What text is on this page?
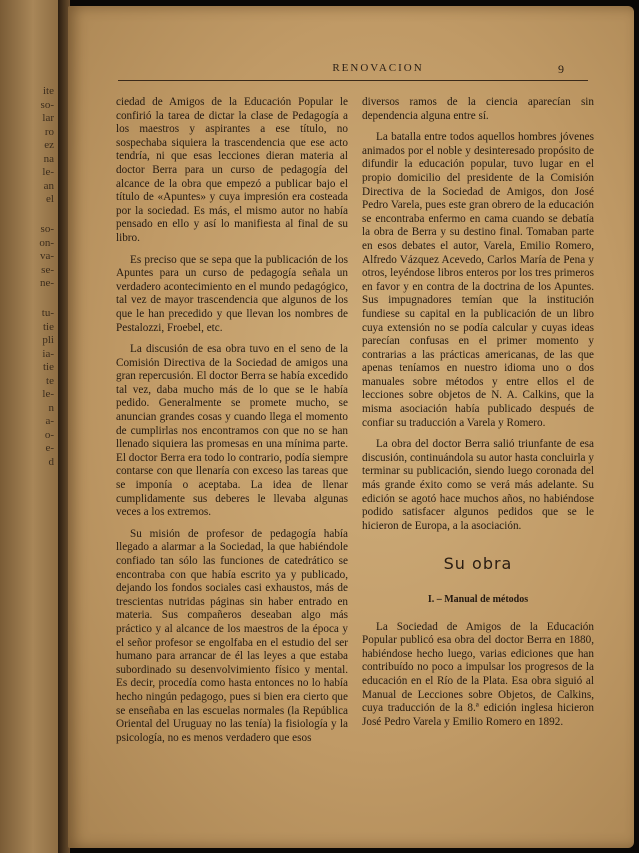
ite
so-
lar
ro
ez
na
le-
an
el
so-
on-
va-
se-
ne-
tu-
tie
pli
ia-
tie
te
le-
n
a-
o-
e-
d
RENOVACION	9

ciedad de Amigos de la Educación Popular le confirió la tarea de dictar la clase de Pedagogía a los maestros y aspirantes a ese título, no sospechaba siquiera la trascendencia que ese acto tendría, ni que esas lecciones dieran materia al doctor Berra para un curso de pedagogía del alcance de la obra que empezó a publicar bajo el título de «Apuntes» y cuya impresión era costeada por la sociedad. Es más, el mismo autor no había pensado en ello y así lo manifiesta al final de su libro.

Es preciso que se sepa que la publicación de los Apuntes para un curso de pedagogía señala un verdadero acontecimiento en el mundo pedagógico, tal vez de mayor trascendencia que algunos de los que le han precedido y que llevan los nombres de Pestalozzi, Froebel, etc.

La discusión de esa obra tuvo en el seno de la Comisión Directiva de la Sociedad de amigos una gran repercusión. El doctor Berra se había excedido tal vez, daba mucho más de lo que se le había pedido. Generalmente se promete mucho, se anuncian grandes cosas y cuando llega el momento de cumplirlas nos encontramos con que no se han llenado siquiera las promesas en una mínima parte. El doctor Berra era todo lo contrario, podía siempre contarse con que llenaría con exceso las tareas que se imponía o aceptaba. La idea de llenar cumplidamente sus deberes le llevaba algunas veces a los extremos.

Su misión de profesor de pedagogía había llegado a alarmar a la Sociedad, la que habiéndole confiado tan sólo las funciones de catedrático se encontraba con que había escrito ya y publicado, dejando los fondos sociales casi exhaustos, más de trescientas nutridas páginas sin haber entrado en materia. Sus compañeros deseaban algo más práctico y al alcance de los maestros de la época y el señor profesor se engolfaba en el estudio del ser humano para arrancar de él las leyes a que estaba subordinado su desenvolvimiento físico y mental. Es decir, procedía como hasta entonces no lo había hecho ningún pedagogo, pues si bien era cierto que se enseñaba en las escuelas normales (la República Oriental del Uruguay no las tenía) la fisiología y la psicología, no es menos verdadero que esos

diversos ramos de la ciencia aparecían sin dependencia alguna entre sí.

La batalla entre todos aquellos hombres jóvenes animados por el noble y desinteresado propósito de difundir la educación popular, tuvo lugar en el propio domicilio del presidente de la Comisión Directiva de la Sociedad de Amigos, don José Pedro Varela, pues este gran obrero de la educación se encontraba enfermo en cama cuando se debatía la obra de Berra y su destino final. Tomaban parte en esos debates el autor, Varela, Emilio Romero, Alfredo Vázquez Acevedo, Carlos María de Pena y otros, leyéndose libros enteros por los tres primeros en favor y en contra de la doctrina de los Apuntes. Sus impugnadores temían que la institución fundiese su capital en la publicación de un libro cuya extensión no se podía calcular y cuyas ideas parecían confusas en el primer momento y contrarias a las prácticas americanas, de las que apenas teníamos en nuestro idioma uno o dos manuales sobre métodos y entre ellos el de lecciones sobre objetos de N. A. Calkins, que la misma asociación había publicado después de confiar su traducción a Varela y Romero.

La obra del doctor Berra salió triunfante de esa discusión, continuándola su autor hasta concluirla y terminar su publicación, siendo luego coronada del más grande éxito como se verá más adelante. Su edición se agotó hace muchos años, no habiéndose podido satisfacer algunos pedidos que se le hicieron de Europa, a la asociación.

Su obra
I. – Manual de métodos

La Sociedad de Amigos de la Educación Popular publicó esa obra del doctor Berra en 1880, habiéndose hecho luego, varias ediciones que han contribuído no poco a impulsar los progresos de la educación en el Río de la Plata. Esa obra siguió al Manual de Lecciones sobre Objetos, de Calkins, cuya traducción de la 8.ª edición inglesa hicieron José Pedro Varela y Emilio Romero en 1892.
